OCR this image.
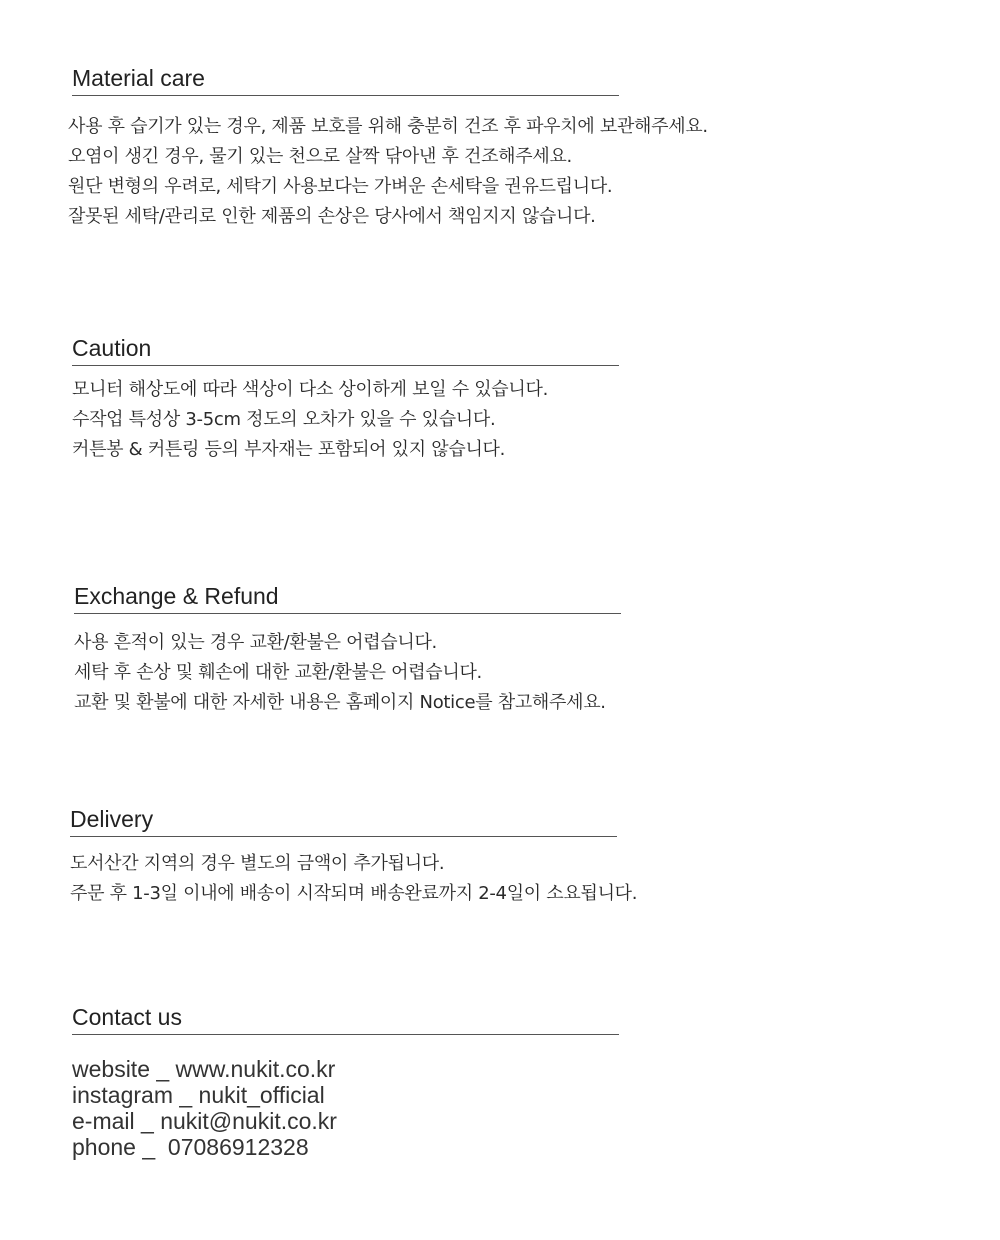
Material care
사용 후 습기가 있는 경우, 제품 보호를 위해 충분히 건조 후 파우치에 보관해주세요.
오염이 생긴 경우, 물기 있는 천으로 살짝 닦아낸 후 건조해주세요.
원단 변형의 우려로, 세탁기 사용보다는 가벼운 손세탁을 권유드립니다.
잘못된 세탁/관리로 인한 제품의 손상은 당사에서 책임지지 않습니다.
Caution
모니터 해상도에 따라 색상이 다소 상이하게 보일 수 있습니다.
수작업 특성상 3-5cm 정도의 오차가 있을 수 있습니다.
커튼봉 & 커튼링 등의 부자재는 포함되어 있지 않습니다.
Exchange & Refund
사용 흔적이 있는 경우 교환/환불은 어렵습니다.
세탁 후 손상 및 훼손에 대한 교환/환불은 어렵습니다.
교환 및 환불에 대한 자세한 내용은 홈페이지 Notice를 참고해주세요.
Delivery
도서산간 지역의 경우 별도의 금액이 추가됩니다.
주문 후 1-3일 이내에 배송이 시작되며 배송완료까지 2-4일이 소요됩니다.
Contact us
website _ www.nukit.co.kr
instagram _ nukit_official
e-mail _ nukit@nukit.co.kr
phone _  07086912328
